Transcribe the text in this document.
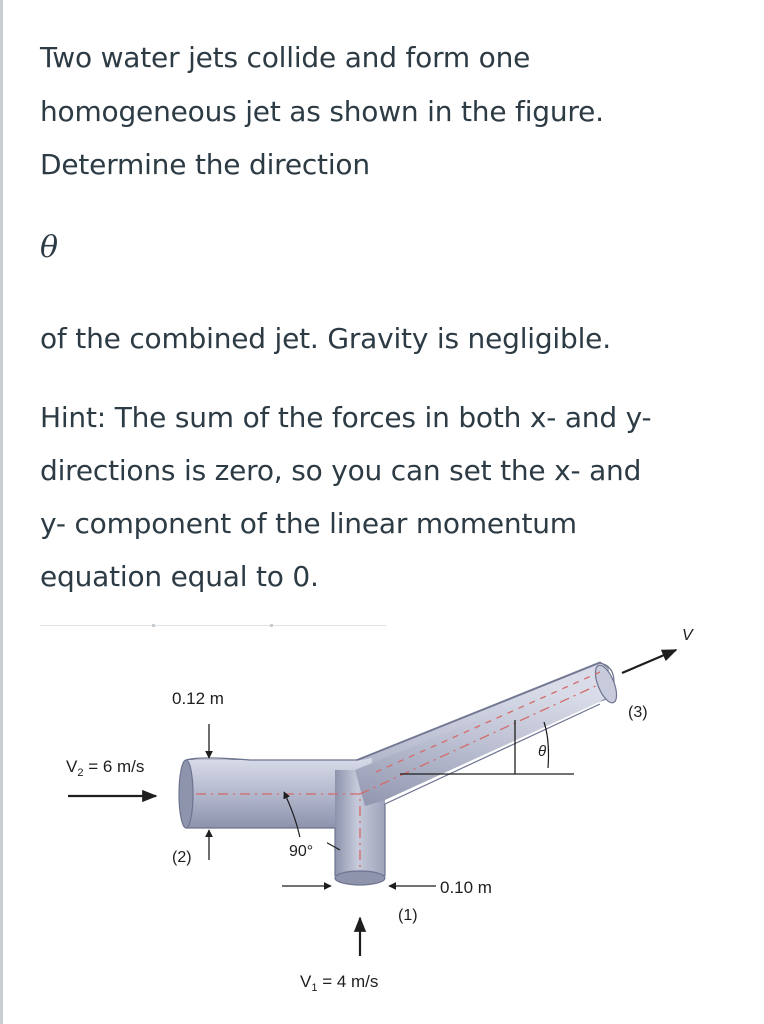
Two water jets collide and form one
homogeneous jet as shown in the figure.
Determine the direction
θ
of the combined jet. Gravity is negligible.
Hint: The sum of the forces in both x- and y-
directions is zero, so you can set the x- and
y- component of the linear momentum
equation equal to 0.
θ
0.12 m
$V_2 = 6$ m/s
(2)	90°
0.10 m
(1)
$V_1 = 4$ m/s
(3)
V
